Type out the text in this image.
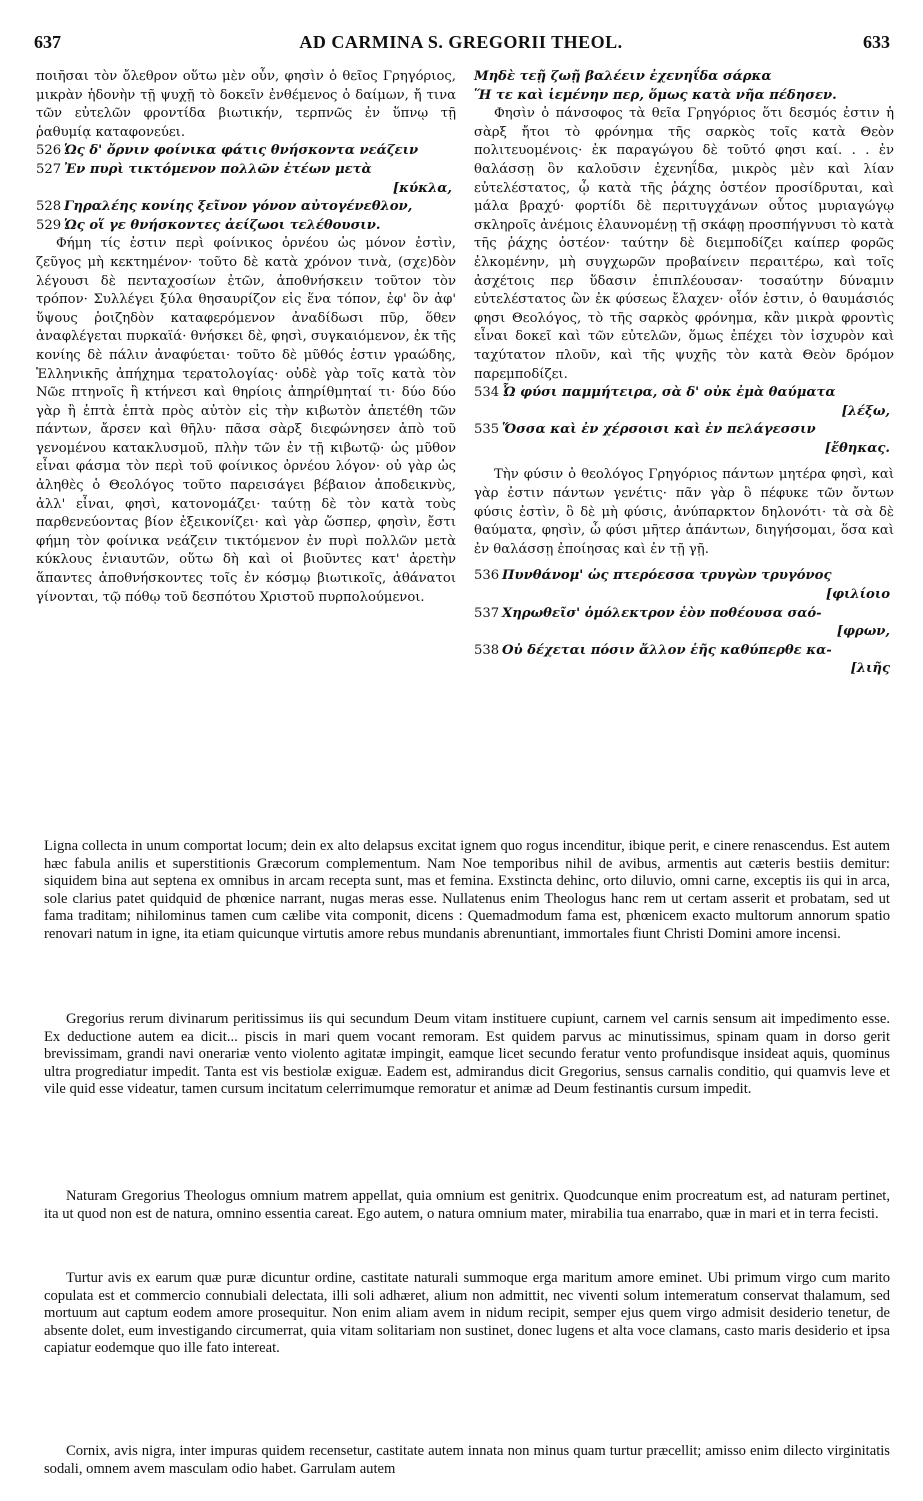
637	AD CARMINA S. GREGORII THEOL.	633

ποιῆσαι τὸν ὄλεθρον οὕτω μὲν οὖν, φησὶν ὁ θεῖος Γρηγόριος, μικρὰν ἡδονὴν τῇ ψυχῇ τὸ δοκεῖν ἐνθέμενος ὁ δαίμων, ἤ τινα τῶν εὐτελῶν φροντίδα βιωτικήν, τερπνῶς ἐν ὕπνῳ τῇ ῥαθυμίᾳ καταφονεύει.

526 Ὡς δ' ὄρνιν φοίνικα φάτις θνήσκοντα νεάζειν
527 Ἐν πυρὶ τικτόμενον πολλῶν ἐτέων μετὰ
[κύκλα,
528 Γηραλέης κονίης ξεῖνον γόνον αὐτογένεθλον,
529 Ὡς οἵ γε θνήσκοντες ἀείζωοι τελέθουσιν.

Φήμη τίς ἐστιν περὶ φοίνικος ὀρνέου ὡς μόνον ἐστὶν, ζεῦγος μὴ κεκτημένον· τοῦτο δὲ κατὰ χρόνον τινὰ, (σχε)δὸν λέγουσι δὲ πενταχοσίων ἐτῶν, ἀποθνήσκειν τοῦτον τὸν τρόπον· Συλλέγει ξύλα θησαυρίζον εἰς ἕνα τόπον, ἐφ' ὃν ἀφ' ὕψους ῥοιζηδὸν καταφερόμενον ἀναδίδωσι πῦρ, ὅθεν ἀναφλέγεται πυρκαϊά· θνήσκει δὲ, φησὶ, συγκαιόμενον, ἐκ τῆς κονίης δὲ πάλιν ἀναφύεται· τοῦτο δὲ μῦθός ἐστιν γραώδης, Ἑλληνικῆς ἀπήχημα τερατολογίας· οὐδὲ γὰρ τοῖς κατὰ τὸν Νῶε πτηνοῖς ἢ κτήνεσι καὶ θηρίοις ἀπηρίθμηταί τι· δύο δύο γὰρ ἢ ἑπτὰ ἑπτὰ πρὸς αὐτὸν εἰς τὴν κιβωτὸν ἀπετέθη τῶν πάντων, ἄρσεν καὶ θῆλυ· πᾶσα σὰρξ διεφώνησεν ἀπὸ τοῦ γενομένου κατακλυσμοῦ, πλὴν τῶν ἐν τῇ κιβωτῷ· ὡς μῦθον εἶναι φάσμα τὸν περὶ τοῦ φοίνικος ὀρνέου λόγον· οὐ γὰρ ὡς ἀληθὲς ὁ Θεολόγος τοῦτο παρεισάγει βέβαιον ἀποδεικνὺς, ἀλλ' εἶναι, φησὶ, κατονομάζει· ταύτῃ δὲ τὸν κατὰ τοὺς παρθενεύοντας βίον ἐξεικονίζει· καὶ γὰρ ὥσπερ, φησὶν, ἔστι φήμη τὸν φοίνικα νεάζειν τικτόμενον ἐν πυρὶ πολλῶν μετὰ κύκλους ἐνιαυτῶν, οὕτω δὴ καὶ οἱ βιοῦντες κατ' ἀρετὴν ἅπαντες ἀποθνήσκοντες τοῖς ἐν κόσμῳ βιωτικοῖς, ἀθάνατοι γίνονται, τῷ πόθῳ τοῦ δεσπότου Χριστοῦ πυρπολούμενοι.

Μηδὲ τεῇ ζωῇ βαλέειν ἐχενηΐδα σάρκα
Ἥ τε καὶ ἱεμένην περ, ὅμως κατὰ νῆα πέδησεν.

Φησὶν ὁ πάνσοφος τὰ θεῖα Γρηγόριος ὅτι δεσμός ἐστιν ἡ σὰρξ ἤτοι τὸ φρόνημα τῆς σαρκὸς τοῖς κατὰ Θεὸν πολιτευομένοις· ἐκ παραγώγου δὲ τοῦτό φησι καί. . . ἐν θαλάσσῃ ὃν καλοῦσιν ἐχενηΐδα, μικρὸς μὲν καὶ λίαν εὐτελέστατος, ᾧ κατὰ τῆς ῥάχης ὀστέον προσίδρυται, καὶ μάλα βραχύ· φορτίδι δὲ περιτυγχάνων οὗτος μυριαγώγῳ σκληροῖς ἀνέμοις ἐλαυνομένῃ τῇ σκάφῃ προσπήγνυσι τὸ κατὰ τῆς ῥάχης ὀστέον· ταύτην δὲ διεμποδίζει καίπερ φορῶς ἐλκομένην, μὴ συγχωρῶν προβαίνειν περαιτέρω, καὶ τοῖς ἀσχέτοις περ ὕδασιν ἐπιπλέουσαν· τοσαύτην δύναμιν εὐτελέστατος ὢν ἐκ φύσεως ἔλαχεν· οἷόν ἐστιν, ὁ θαυμάσιός φησι Θεολόγος, τὸ τῆς σαρκὸς φρόνημα, κἂν μικρὰ φροντὶς εἶναι δοκεῖ καὶ τῶν εὐτελῶν, ὅμως ἐπέχει τὸν ἰσχυρὸν καὶ ταχύτατον πλοῦν, καὶ τῆς ψυχῆς τὸν κατὰ Θεὸν δρόμον παρεμποδίζει.

534 Ὦ φύσι παμμήτειρα, σὰ δ' οὐκ ἐμὰ θαύματα
[λέξω,
535 Ὅσσα καὶ ἐν χέρσοισι καὶ ἐν πελάγεσσιν
[ἔθηκας.

Τὴν φύσιν ὁ θεολόγος Γρηγόριος πάντων μητέρα φησὶ, καὶ γὰρ ἐστιν πάντων γενέτις· πᾶν γὰρ ὃ πέφυκε τῶν ὄντων φύσις ἐστὶν, ὃ δὲ μὴ φύσις, ἀνύπαρκτον δηλονότι· τὰ σὰ δὲ θαύματα, φησὶν, ὦ φύσι μῆτερ ἁπάντων, διηγήσομαι, ὅσα καὶ ἐν θαλάσσῃ ἐποίησας καὶ ἐν τῇ γῇ.

536 Πυνθάνομ' ὡς πτερόεσσα τρυγὼν τρυγόνος
[φιλίοιο
537 Χηρωθεῖσ' ὁμόλεκτρον ἑὸν ποθέουσα σαό-
[φρων,
538 Οὐ δέχεται πόσιν ἄλλον ἑῆς καθύπερθε κα-
[λιῆς

Ligna collecta in unum comportat locum; dein ex alto delapsus excitat ignem quo rogus incenditur, ibique perit, e cinere renascendus. Est autem hæc fabula anilis et superstitionis Græcorum complementum. Nam Noe temporibus nihil de avibus, armentis aut cæteris bestiis demitur: siquidem bina aut septena ex omnibus in arcam recepta sunt, mas et femina. Exstincta dehinc, orto diluvio, omni carne, exceptis iis qui in arca, sole clarius patet quidquid de phœnice narrant, nugas meras esse. Nullatenus enim Theologus hanc rem ut certam asserit et probatam, sed ut fama traditam; nihilominus tamen cum cælibe vita componit, dicens : Quemadmodum fama est, phœnicem exacto multorum annorum spatio renovari natum in igne, ita etiam quicunque virtutis amore rebus mundanis abrenuntiant, immortales fiunt Christi Domini amore incensi.

Gregorius rerum divinarum peritissimus iis qui secundum Deum vitam instituere cupiunt, carnem vel carnis sensum ait impedimento esse. Ex deductione autem ea dicit... piscis in mari quem vocant remoram. Est quidem parvus ac minutissimus, spinam quam in dorso gerit brevissimam, grandi navi onerariæ vento violento agitatæ impingit, eamque licet secundo feratur vento profundisque insideat aquis, quominus ultra progrediatur impedit. Tanta est vis bestiolæ exiguæ. Eadem est, admirandus dicit Gregorius, sensus carnalis conditio, qui quamvis leve et vile quid esse videatur, tamen cursum incitatum celerrimumque remoratur et animæ ad Deum festinantis cursum impedit.

Naturam Gregorius Theologus omnium matrem appellat, quia omnium est genitrix. Quodcunque enim procreatum est, ad naturam pertinet, ita ut quod non est de natura, omnino essentia careat. Ego autem, o natura omnium mater, mirabilia tua enarrabo, quæ in mari et in terra fecisti.

Turtur avis ex earum quæ puræ dicuntur ordine, castitate naturali summoque erga maritum amore eminet. Ubi primum virgo cum marito copulata est et commercio connubiali delectata, illi soli adhæret, alium non admittit, nec viventi solum intemeratum conservat thalamum, sed mortuum aut captum eodem amore prosequitur. Non enim aliam avem in nidum recipit, semper ejus quem virgo admisit desiderio tenetur, de absente dolet, eum investigando circumerrat, quia vitam solitariam non sustinet, donec lugens et alta voce clamans, casto maris desiderio et ipsa capiatur eodemque quo ille fato intereat.

Cornix, avis nigra, inter impuras quidem recensetur, castitate autem innata non minus quam turtur præcellit; amisso enim dilecto virginitatis sodali, omnem avem masculam odio habet. Garrulam autem
